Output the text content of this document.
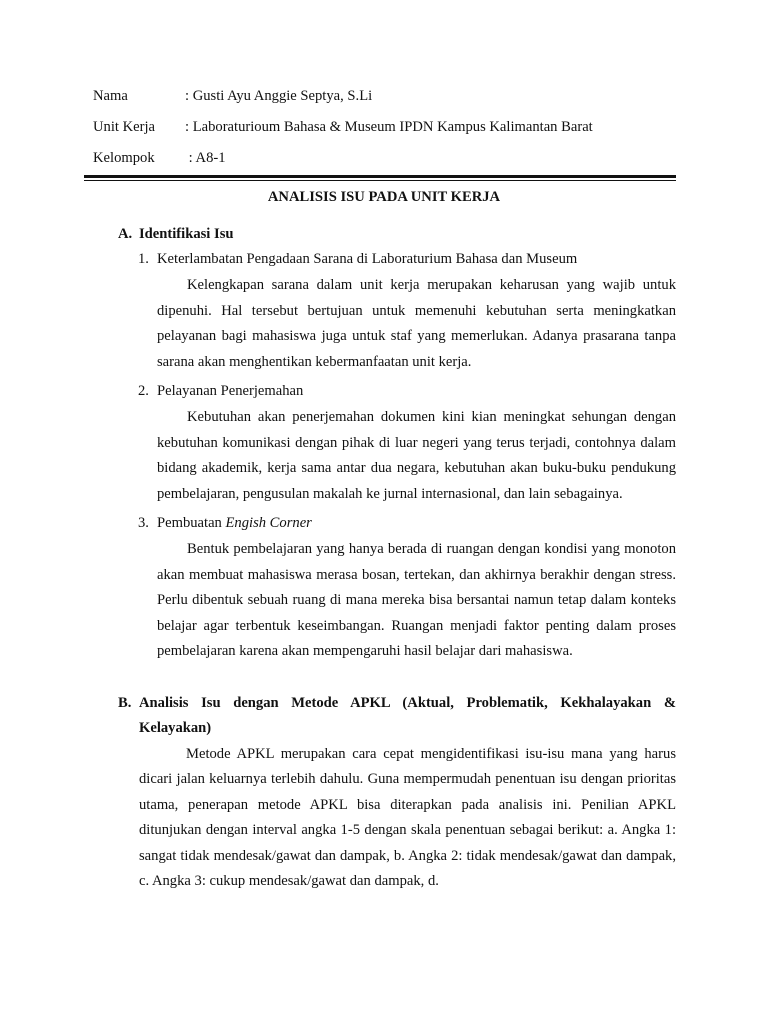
Nama	: Gusti Ayu Anggie Septya, S.Li
Unit Kerja	: Laboraturioum Bahasa & Museum IPDN Kampus Kalimantan Barat
Kelompok	: A8-1
ANALISIS ISU PADA UNIT KERJA
A. Identifikasi Isu
1. Keterlambatan Pengadaan Sarana di Laboraturium Bahasa dan Museum

Kelengkapan sarana dalam unit kerja merupakan keharusan yang wajib untuk dipenuhi. Hal tersebut bertujuan untuk memenuhi kebutuhan serta meningkatkan pelayanan bagi mahasiswa juga untuk staf yang memerlukan. Adanya prasarana tanpa sarana akan menghentikan kebermanfaatan unit kerja.

2. Pelayanan Penerjemahan

Kebutuhan akan penerjemahan dokumen kini kian meningkat sehungan dengan kebutuhan komunikasi dengan pihak di luar negeri yang terus terjadi, contohnya dalam bidang akademik, kerja sama antar dua negara, kebutuhan akan buku-buku pendukung pembelajaran, pengusulan makalah ke jurnal internasional, dan lain sebagainya.

3. Pembuatan Engish Corner

Bentuk pembelajaran yang hanya berada di ruangan dengan kondisi yang monoton akan membuat mahasiswa merasa bosan, tertekan, dan akhirnya berakhir dengan stress. Perlu dibentuk sebuah ruang di mana mereka bisa bersantai namun tetap dalam konteks belajar agar terbentuk keseimbangan. Ruangan menjadi faktor penting dalam proses pembelajaran karena akan mempengaruhi hasil belajar dari mahasiswa.

B. Analisis Isu dengan Metode APKL (Aktual, Problematik, Kekhalayakan & Kelayakan)

Metode APKL merupakan cara cepat mengidentifikasi isu-isu mana yang harus dicari jalan keluarnya terlebih dahulu. Guna mempermudah penentuan isu dengan prioritas utama, penerapan metode APKL bisa diterapkan pada analisis ini. Penilian APKL ditunjukan dengan interval angka 1-5 dengan skala penentuan sebagai berikut: a. Angka 1: sangat tidak mendesak/gawat dan dampak, b. Angka 2: tidak mendesak/gawat dan dampak, c. Angka 3: cukup mendesak/gawat dan dampak, d.
